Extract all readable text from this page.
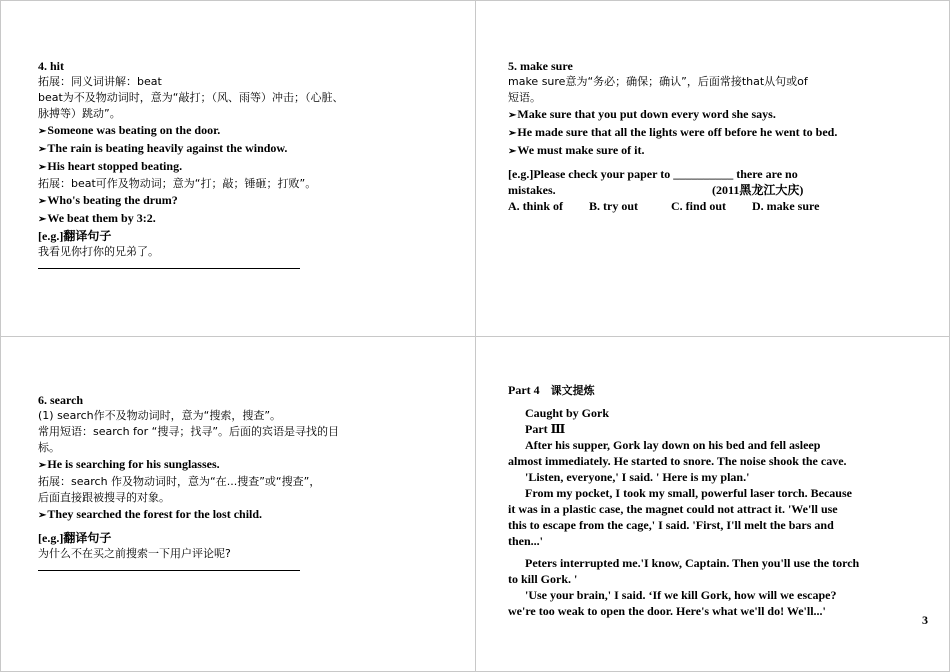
4. hit
拓展：同义词讲解：beat
beat为不及物动词时，意为“敲打；（风、雨等）冲击；（心脏、
脉搏等）跳动”。
➢ Someone was beating on the door.
➢ The rain is beating heavily against the window.
➢ His heart stopped beating.
拓展：beat可作及物动词；意为“打；敲；锤砸；打败”。
➢ Who's beating the drum?
➢ We beat them by 3:2.
[e.g.]翻译句子
我看见你打你的兄弟了。
5. make sure
make sure意为“务必；确保；确认”，后面常接that从句或of
短语。
➢ Make sure that you put down every word she says.
➢ He made sure that all the lights were off before he went to bed.
➢ We must make sure of it.
[e.g.]Please check your paper to __________ there are no
mistakes.	(2011黑龙江大庆)
A. think of B. try out	C. find out D. make sure
6. search
(1) search作不及物动词时，意为“搜索，搜查”。
常用短语：search for “搜寻；找寻”。后面的宾语是寻找的目
标。
➢ He is searching for his sunglasses.
拓展：search 作及物动词时，意为“在...搜查”或“搜查”，
后面直接跟被搜寻的对象。
➢ They searched the forest for the lost child.
[e.g.]翻译句子
为什么不在买之前搜索一下用户评论呢?
Part 4 课文提炼
Caught by Gork
Part Ⅲ
After his supper, Gork lay down on his bed and fell asleep
almost immediately. He started to snore. The noise shook the cave.
'Listen, everyone,' I said. ' Here is my plan.'
From my pocket, I took my small, powerful laser torch. Because
it was in a plastic case, the magnet could not attract it. 'We'll use
this to escape from the cage,' I said. 'First, I'll melt the bars and
then...'
Peters interrupted me.'I know, Captain. Then you'll use the torch
to kill Gork. '
'Use your brain,' I said. ‘If we kill Gork, how will we escape?
we're too weak to open the door. Here's what we'll do! We'll...'
3
